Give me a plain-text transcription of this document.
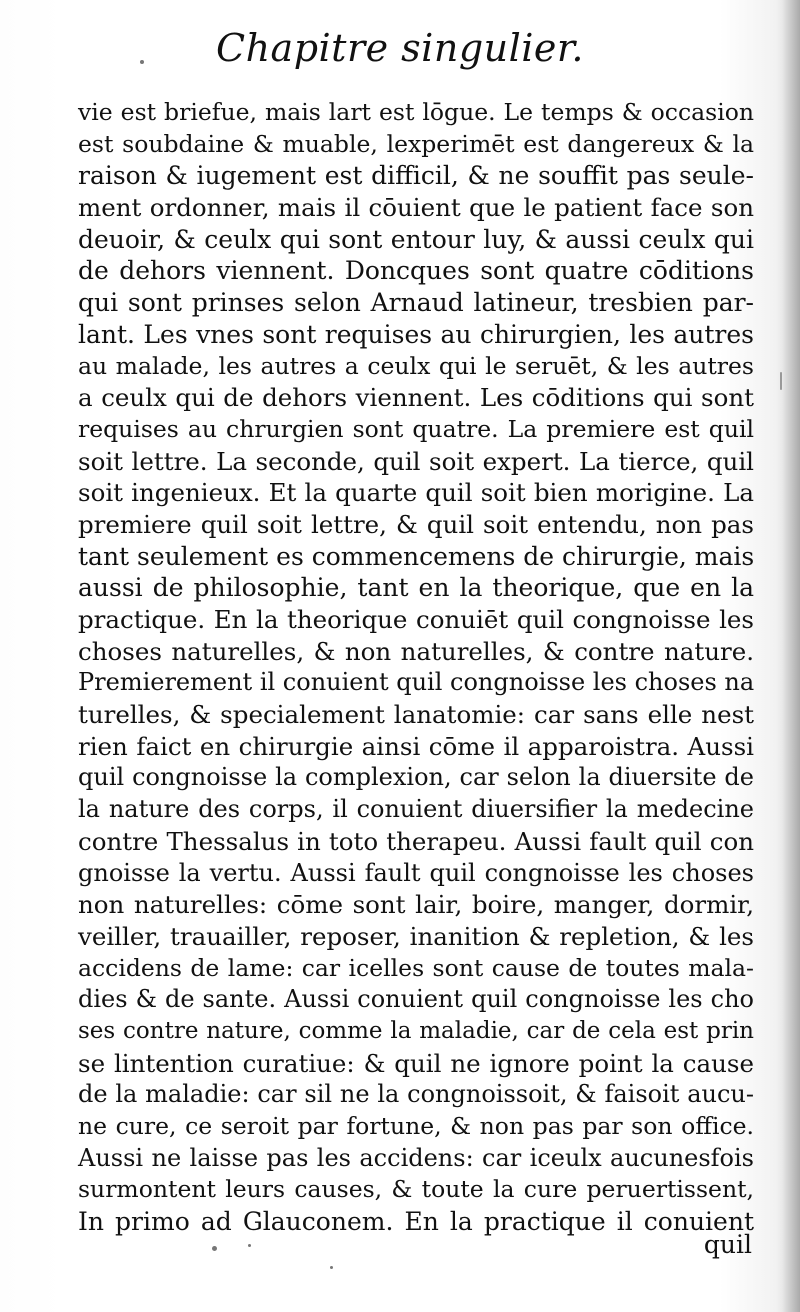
Chapitre singulier.
vie est briefue, mais lart est lōgue. Le temps & occasion
est soubdaine & muable, lexperimēt est dangereux & la
raison & iugement est difficil, & ne souffit pas seule-
ment ordonner, mais il cōuient que le patient face son
deuoir, & ceulx qui sont entour luy, & aussi ceulx qui
de dehors viennent. Doncques sont quatre cōditions
qui sont prinses selon Arnaud latineur, tresbien par-
lant. Les vnes sont requises au chirurgien, les autres
au malade, les autres a ceulx qui le seruēt, & les autres
a ceulx qui de dehors viennent. Les cōditions qui sont
requises au chrurgien sont quatre. La premiere est quil
soit lettre. La seconde, quil soit expert. La tierce, quil
soit ingenieux. Et la quarte quil soit bien morigine. La
premiere quil soit lettre, & quil soit entendu, non pas
tant seulement es commencemens de chirurgie, mais
aussi de philosophie, tant en la theorique, que en la
practique. En la theorique conuiēt quil congnoisse les
choses naturelles, & non naturelles, & contre nature.
Premierement il conuient quil congnoisse les choses na
turelles, & specialement lanatomie: car sans elle nest
rien faict en chirurgie ainsi cōme il apparoistra. Aussi
quil congnoisse la complexion, car selon la diuersite de
la nature des corps, il conuient diuersifier la medecine
contre Thessalus in toto therapeu. Aussi fault quil con
gnoisse la vertu. Aussi fault quil congnoisse les choses
non naturelles: cōme sont lair, boire, manger, dormir,
veiller, trauailler, reposer, inanition & repletion, & les
accidens de lame: car icelles sont cause de toutes mala-
dies & de sante. Aussi conuient quil congnoisse les cho
ses contre nature, comme la maladie, car de cela est prin
se lintention curatiue: & quil ne ignore point la cause
de la maladie: car sil ne la congnoissoit, & faisoit aucu-
ne cure, ce seroit par fortune, & non pas par son office.
Aussi ne laisse pas les accidens: car iceulx aucunesfois
surmontent leurs causes, & toute la cure peruertissent,
In primo ad Glauconem. En la practique il conuient
quil
